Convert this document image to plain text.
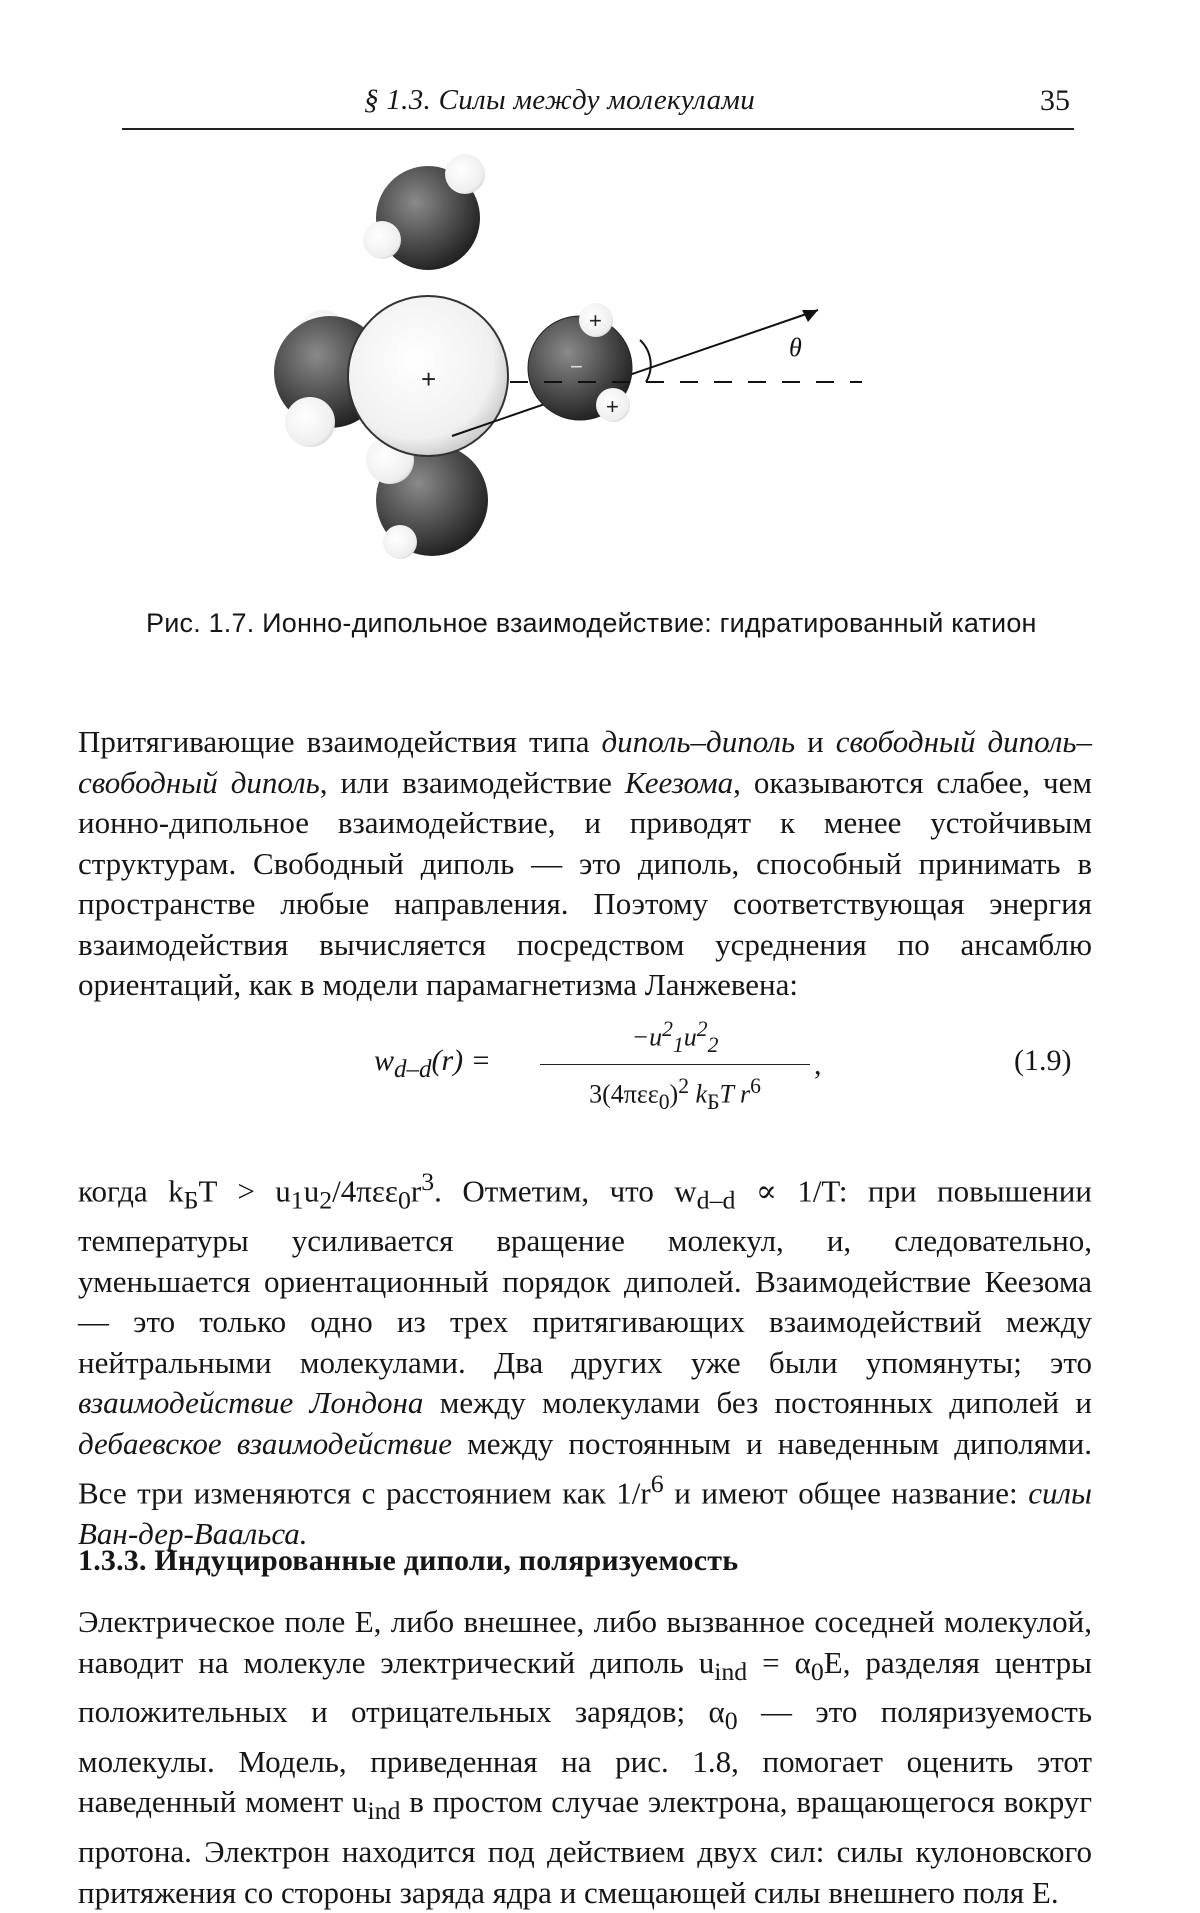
§ 1.3. Силы между молекулами	35
+
+
+
−
θ
Рис. 1.7. Ионно-дипольное взаимодействие: гидратированный катион
Притягивающие взаимодействия типа диполь–диполь и свободный диполь–свободный диполь, или взаимодействие Кеезома, оказываются слабее, чем ионно-дипольное взаимодействие, и приводят к менее устойчивым структурам. Свободный диполь — это диполь, способный принимать в пространстве любые направления. Поэтому соответствующая энергия взаимодействия вычисляется посредством усреднения по ансамблю ориентаций, как в модели парамагнетизма Ланжевена:
$w_{d-d}(r)$ =
$-u^2_1u^2_2$
$3(4\pi\varepsilon\varepsilon_0)^2$ $k_БT$ $r^6$
,	(1.9)
когда $k_БT > u_1u_2/4\pi\varepsilon\varepsilon_0r^3$. Отметим, что $w_{d-d} \propto 1/T$: при повышении температуры усиливается вращение молекул, и, следовательно, уменьшается ориентационный порядок диполей. Взаимодействие Кеезома — это только одно из трех притягивающих взаимодействий между нейтральными молекулами. Два других уже были упомянуты; это взаимодействие Лондона между молекулами без постоянных диполей и дебаевское взаимодействие между постоянным и наведенным диполями. Все три изменяются с расстоянием как $1/r^6$ и имеют общее название: силы Ван-дер-Ваальса.
1.3.3. Индуцированные диполи, поляризуемость
Электрическое поле E, либо внешнее, либо вызванное соседней молекулой, наводит на молекуле электрический диполь $u_{ind} = \alpha_0E$, разделяя центры положительных и отрицательных зарядов; $\alpha_0$ — это поляризуемость молекулы. Модель, приведенная на рис. 1.8, помогает оценить этот наведенный момент $u_{ind}$ в простом случае электрона, вращающегося вокруг протона. Электрон находится под действием двух сил: силы кулоновского притяжения со стороны заряда ядра и смещающей силы внешнего поля E.
